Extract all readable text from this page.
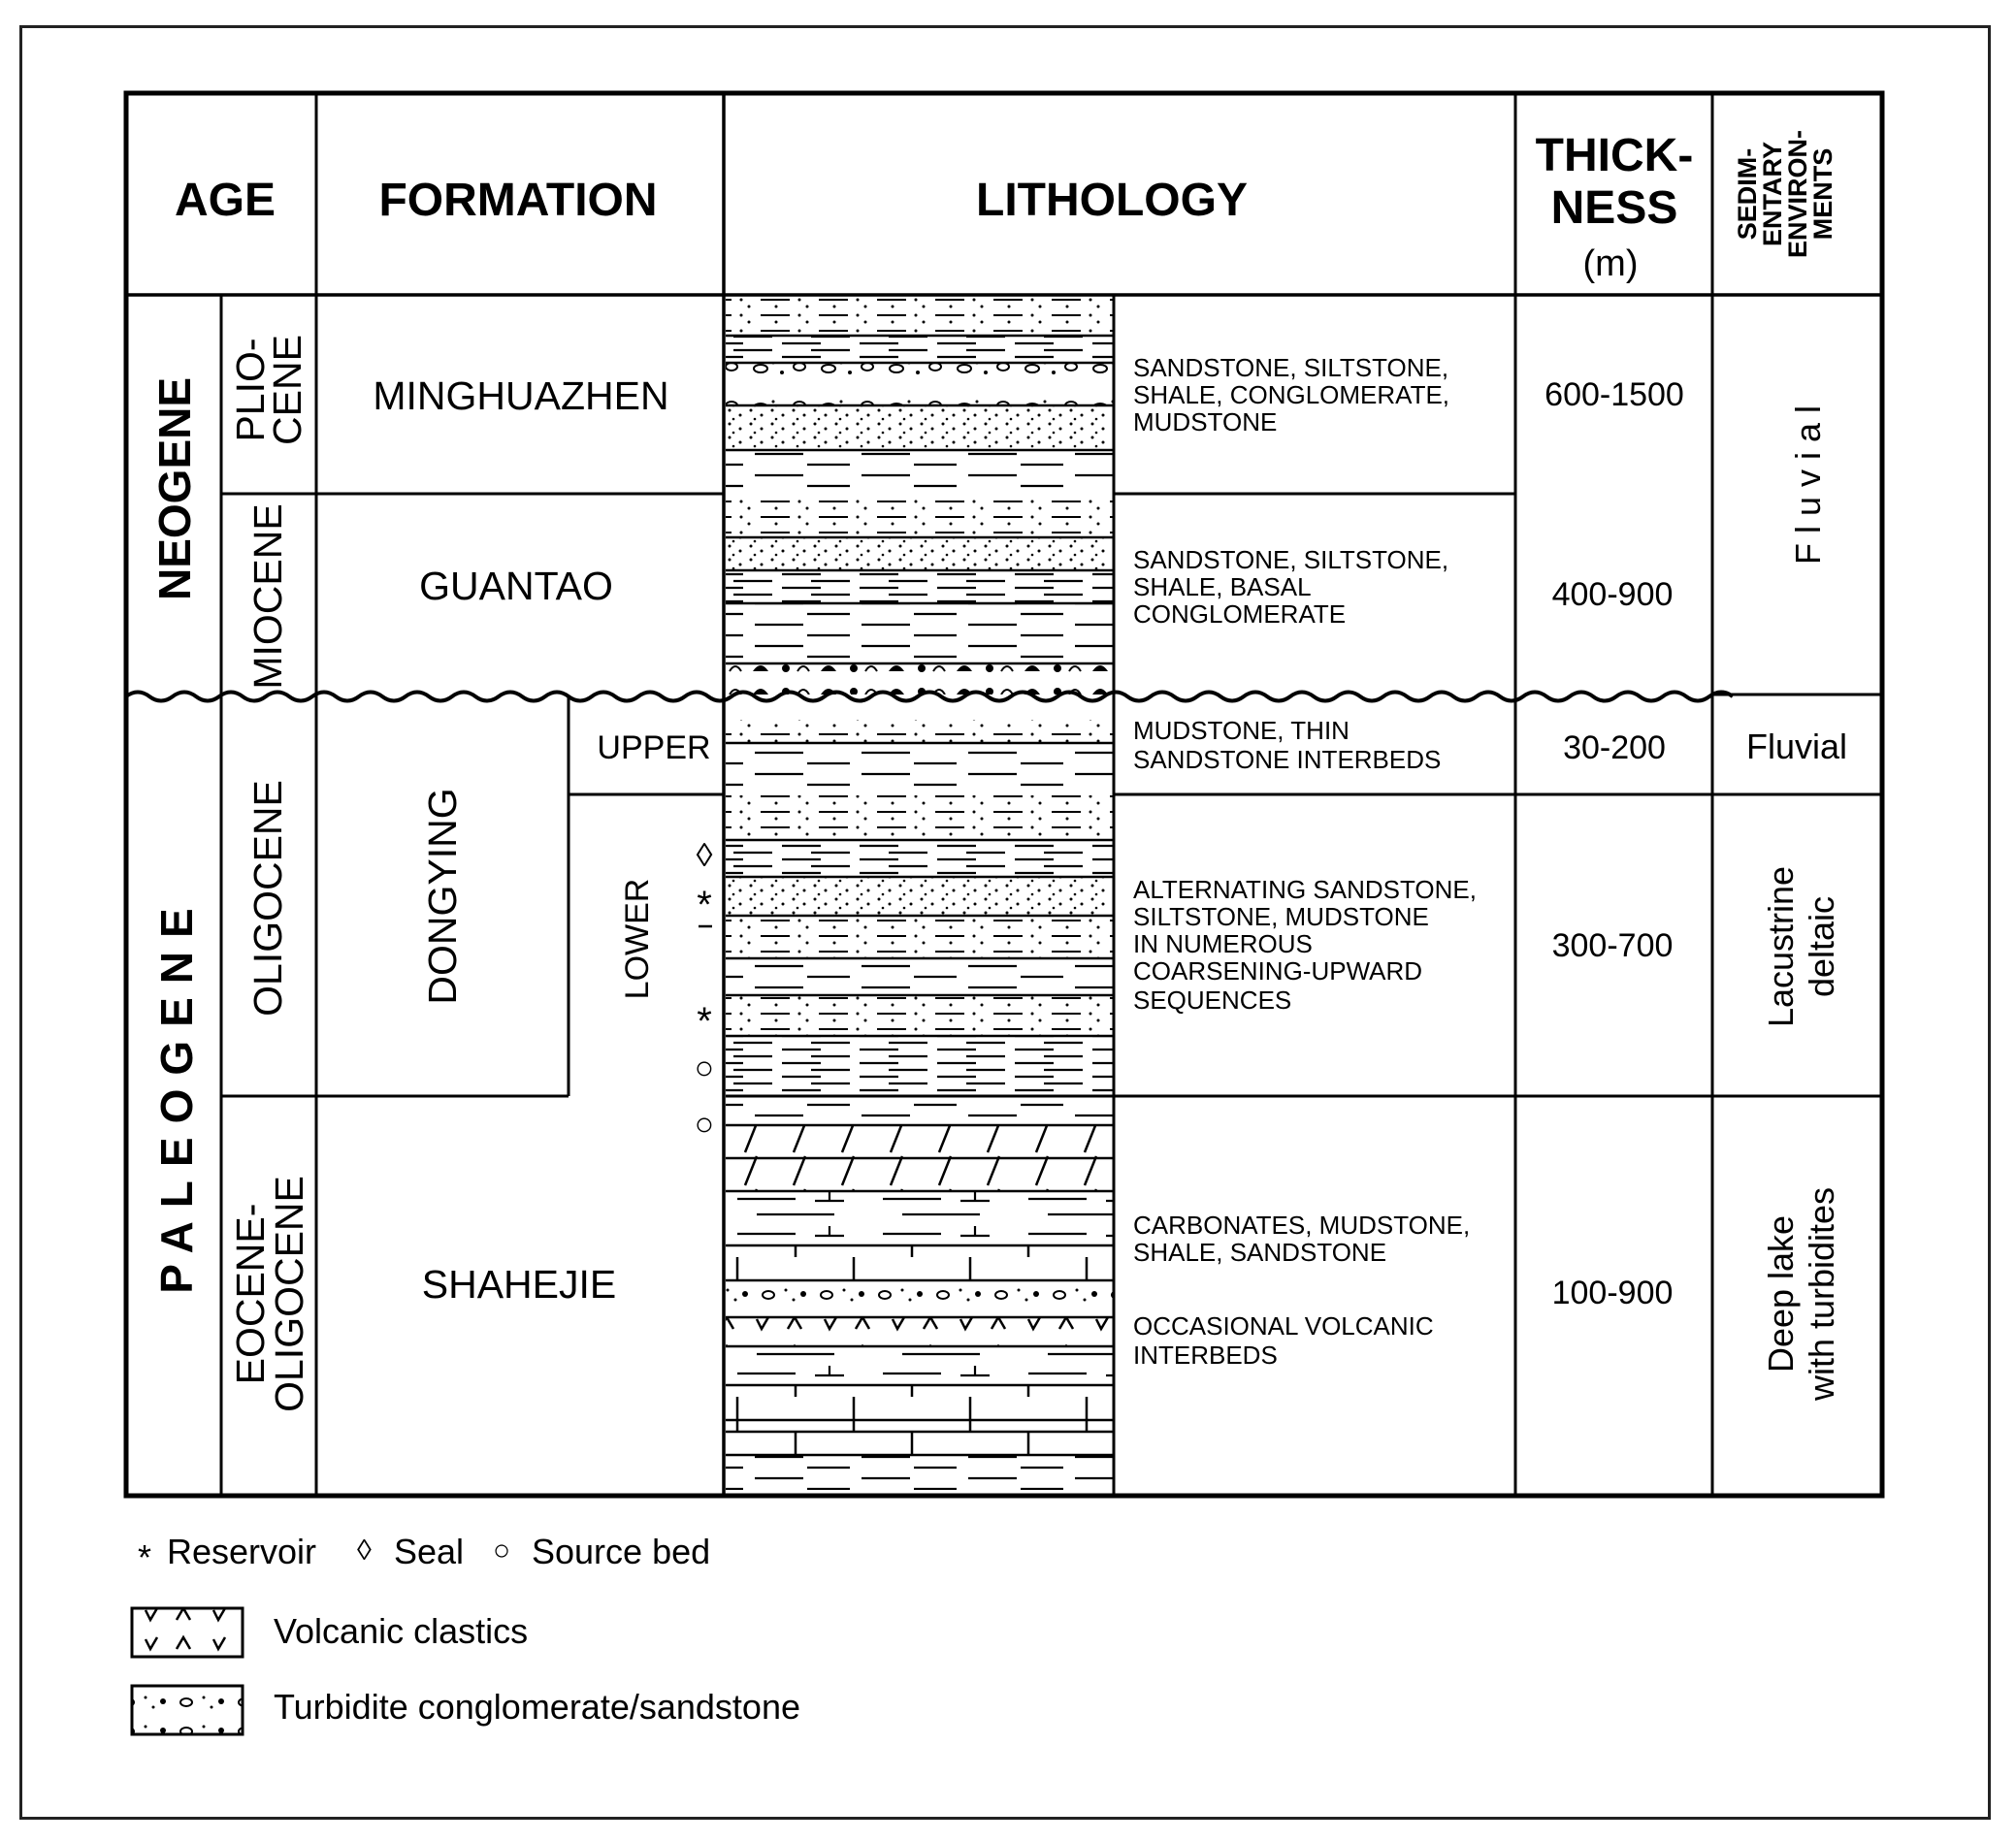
AGE FORMATION	LITHOLOGY
THICK-
NESS
(m)
SEDIM-
ENTARY
ENVIRON-
MENTS
NEOGENE
PALEOGENE
PLIO-
CENE
MIOCENE
OLIGOCENE
EOCENE-
OLIGOCENE
MINGHUAZHEN
GUANTAO
DONGYING
UPPER
LOWER
SHAHEJIE
◊
*
*
○
○
SANDSTONE, SILTSTONE,
SHALE, CONGLOMERATE,
MUDSTONE
SANDSTONE, SILTSTONE,
SHALE, BASAL
CONGLOMERATE
MUDSTONE, THIN
SANDSTONE INTERBEDS
ALTERNATING SANDSTONE,
SILTSTONE, MUDSTONE
IN NUMEROUS
COARSENING-UPWARD
SEQUENCES
CARBONATES, MUDSTONE,
SHALE, SANDSTONE
OCCASIONAL VOLCANIC
INTERBEDS
600-1500
400-900
30-200
300-700
100-900
F l u v i a l
Fluvial
Lacustrine deltaic
Deep lake with turbidites
* Reservoir ◊ Seal ○ Source bed
Volcanic clastics
Turbidite conglomerate/sandstone
